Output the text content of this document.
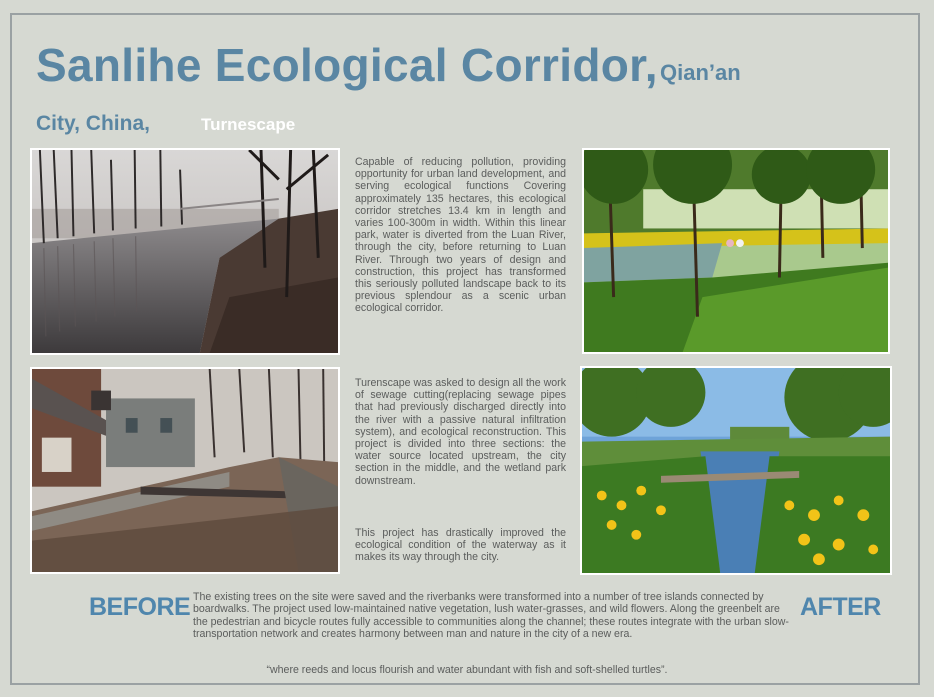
Sanlihe Ecological Corridor, Qian’an
City, China,	Turnescape

Capable of reducing pollution, providing opportunity for urban land development, and serving ecological functions Covering approximately 135 hectares, this ecological corridor stretches 13.4 km in length and varies 100-300m in width. Within this linear park, water is diverted from the Luan River, through the city, before returning to Luan River. Through two years of design and construction, this project has transformed this seriously polluted landscape back to its previous splendour as a scenic urban ecological corridor.

Turenscape was asked to design all the work of sewage cutting(replacing sewage pipes that had previously discharged directly into the river with a passive natural infiltration system), and ecological reconstruction. This project is divided into three sections: the water source located upstream, the city section in the middle, and the wetland park downstream.

This project has drastically improved the ecological condition of the waterway as it makes its way through the city.

BEFORE	AFTER

The existing trees on the site were saved and the riverbanks were transformed into a number of tree islands connected by boardwalks. The project used low-maintained native vegetation, lush water-grasses, and wild flowers. Along the greenbelt are the pedestrian and bicycle routes fully accessible to communities along the channel; these routes integrate with the urban slow-transportation network and creates harmony between man and nature in the city of a new era.

“where reeds and locus flourish and water abundant with fish and soft-shelled turtles”.
